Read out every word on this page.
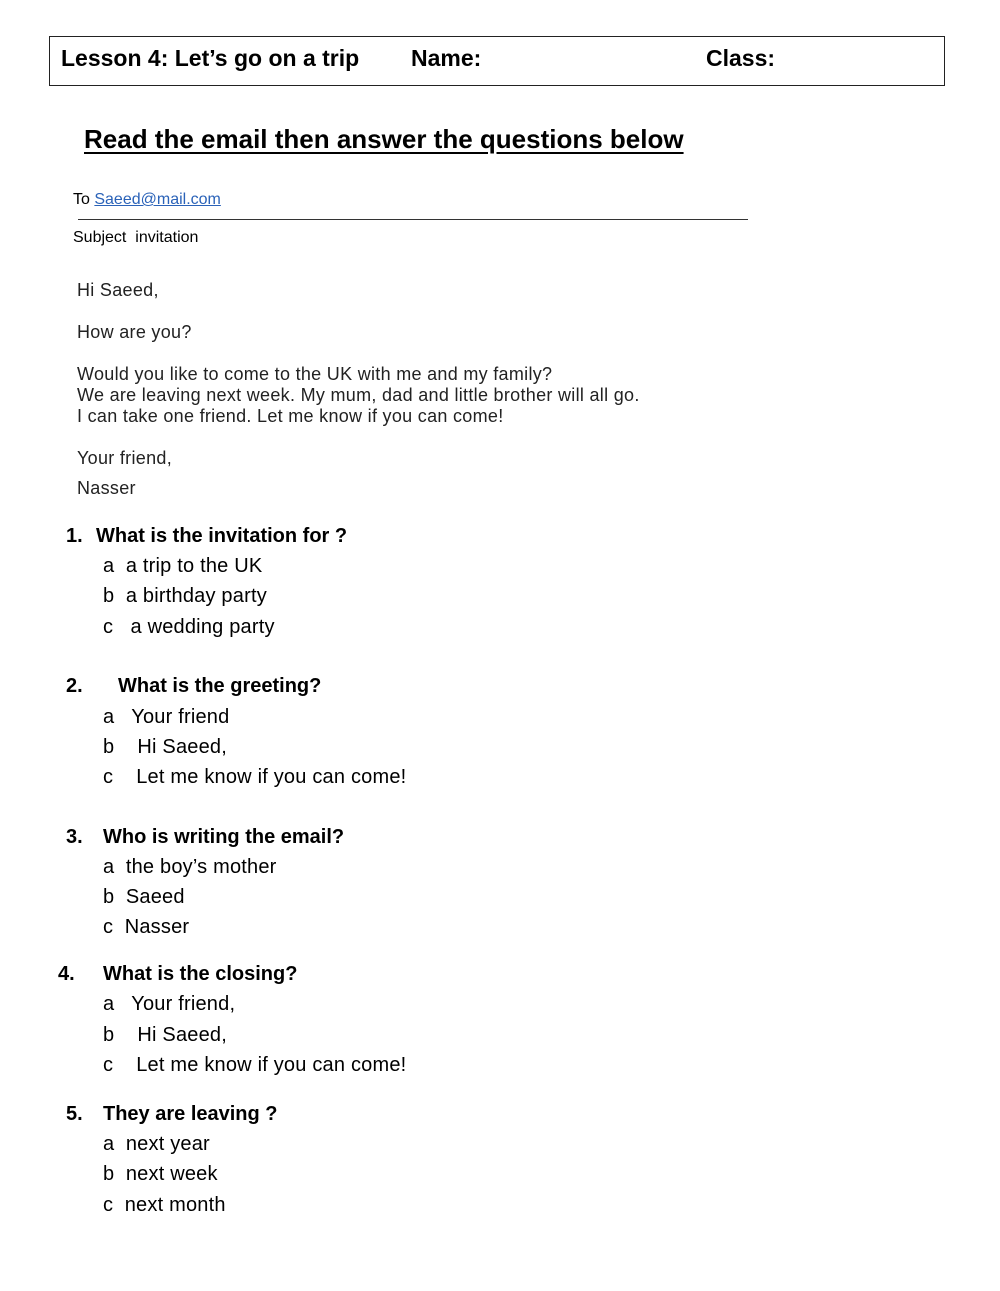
Lesson 4: Let’s go on a trip Name:	Class:
Read the email then answer the questions below
To Saeed@mail.com
Subject invitation
Hi Saeed,
How are you?
Would you like to come to the UK with me and my family?
We are leaving next week. My mum, dad and little brother will all go.
I can take one friend. Let me know if you can come!
Your friend,
Nasser
1. What is the invitation for ?
a a trip to the UK
b a birthday party
c a wedding party
2. What is the greeting?
a Your friend
b Hi Saeed,
c Let me know if you can come!
3. Who is writing the email?
a the boy’s mother
b Saeed
c Nasser
4. What is the closing?
a Your friend,
b Hi Saeed,
c Let me know if you can come!
5. They are leaving ?
a next year
b next week
c next month
